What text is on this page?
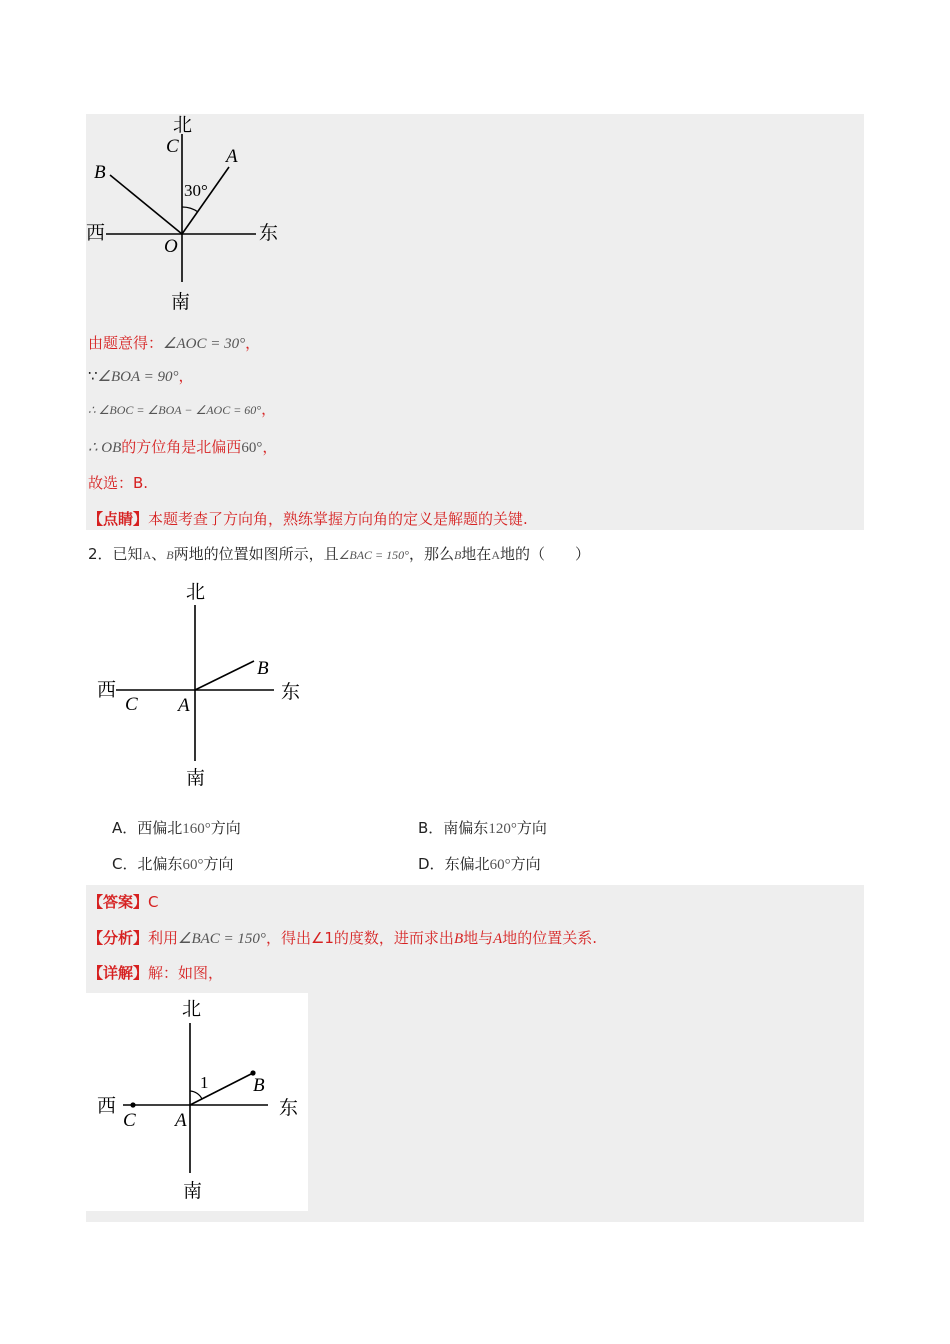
北
南
东
西
C A
B
O
30°
由题意得：∠AOC = 30°，
∵∠BOA = 90°，
∴ ∠BOC = ∠BOA − ∠AOC = 60°，
∴ OB的方位角是北偏西60°，
故选：B.
【点睛】本题考查了方向角，熟练掌握方向角的定义是解题的关键.
2．已知A、B两地的位置如图所示，且∠BAC = 150°，那么B地在A地的（　　）
北
南
东
西
B
C A
A．西偏北160°方向	B．南偏东120°方向
C．北偏东60°方向	D．东偏北60°方向
【答案】C
【分析】利用∠BAC = 150°，得出∠1的度数，进而求出B地与A地的位置关系.
【详解】解：如图，
北
南
东
西
B
C A
1
